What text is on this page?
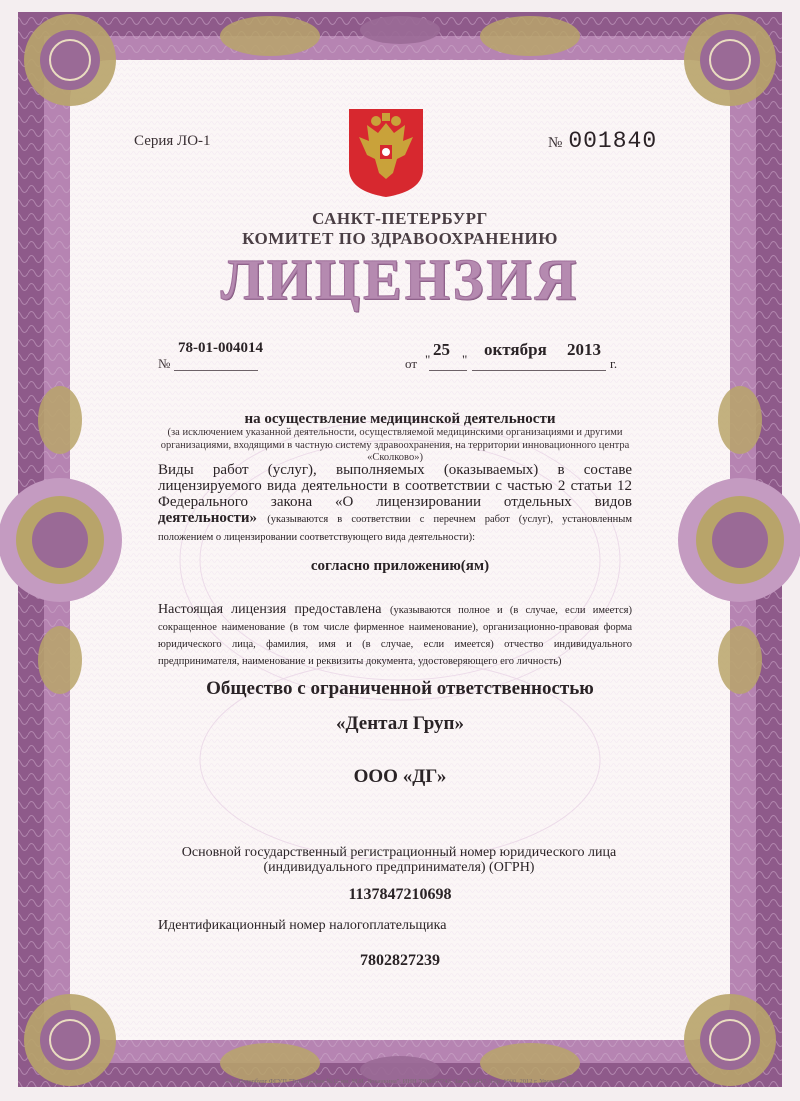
Серия ЛО-1	№ 001840
САНКТ-ПЕТЕРБУРГ
КОМИТЕТ ПО ЗДРАВООХРАНЕНИЮ
ЛИЦЕНЗИЯ
№
78-01-004014
от "
25
"
октября 2013
г.
на осуществление медицинской деятельности
(за исключением указанной деятельности, осуществляемой медицинскими организациями и другими организациями, входящими в частную систему здравоохранения, на территории инновационного центра «Сколково»)
Виды работ (услуг), выполняемых (оказываемых) в составе лицензируемого вида деятельности в соответствии с частью 2 статьи 12 Федерального закона «О лицензировании отдельных видов деятельности» (указываются в соответствии с перечнем работ (услуг), установленным положением о лицензировании соответствующего вида деятельности):
согласно приложению(ям)
Настоящая лицензия предоставлена (указываются полное и (в случае, если имеется) сокращенное наименование (в том числе фирменное наименование), организационно-правовая форма юридического лица, фамилия, имя и (в случае, если имеется) отчество индивидуального предпринимателя, наименование и реквизиты документа, удостоверяющего его личность)
Общество с ограниченной ответственностью
«Дентал Груп»
ООО «ДГ»
Основной государственный регистрационный номер юридического лица (индивидуального предпринимателя) (ОГРН)
1137847210698
Идентификационный номер налогоплательщика
7802827239
© С-Петербург ФГУП "Типография №12 им. М.И. Лоханкина". ИНН 7808037743. Зак. 120417. Тир. 1000. 2012 г. Уровень „Б".
